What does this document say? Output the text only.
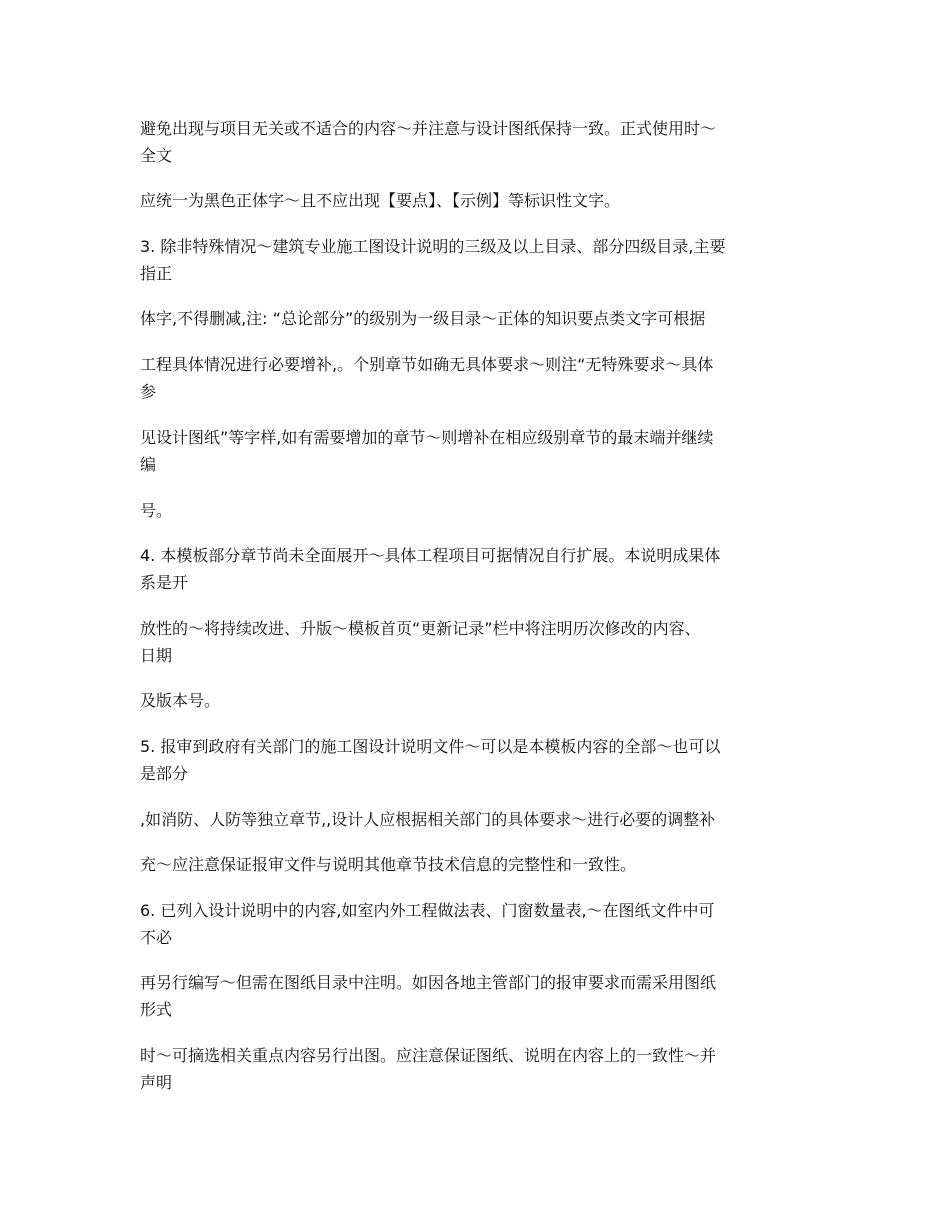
避免出现与项目无关或不适合的内容～并注意与设计图纸保持一致。正式使用时～

全文

应统一为黑色正体字～且不应出现【要点】、【示例】等标识性文字。

3. 除非特殊情况～建筑专业施工图设计说明的三级及以上目录、部分四级目录,主要

指正

体字,不得删减,注: “总论部分”的级别为一级目录～正体的知识要点类文字可根据

工程具体情况进行必要增补,。个别章节如确无具体要求～则注“无特殊要求～具体

参

见设计图纸”等字样,如有需要增加的章节～则增补在相应级别章节的最末端并继续

编

号。

4. 本模板部分章节尚未全面展开～具体工程项目可据情况自行扩展。本说明成果体

系是开

放性的～将持续改进、升版～模板首页“更新记录”栏中将注明历次修改的内容、

日期

及版本号。

5. 报审到政府有关部门的施工图设计说明文件～可以是本模板内容的全部～也可以

是部分

,如消防、人防等独立章节,,设计人应根据相关部门的具体要求～进行必要的调整补

充～应注意保证报审文件与说明其他章节技术信息的完整性和一致性。

6. 已列入设计说明中的内容,如室内外工程做法表、门窗数量表,～在图纸文件中可

不必

再另行编写～但需在图纸目录中注明。如因各地主管部门的报审要求而需采用图纸

形式

时～可摘选相关重点内容另行出图。应注意保证图纸、说明在内容上的一致性～并

声明
